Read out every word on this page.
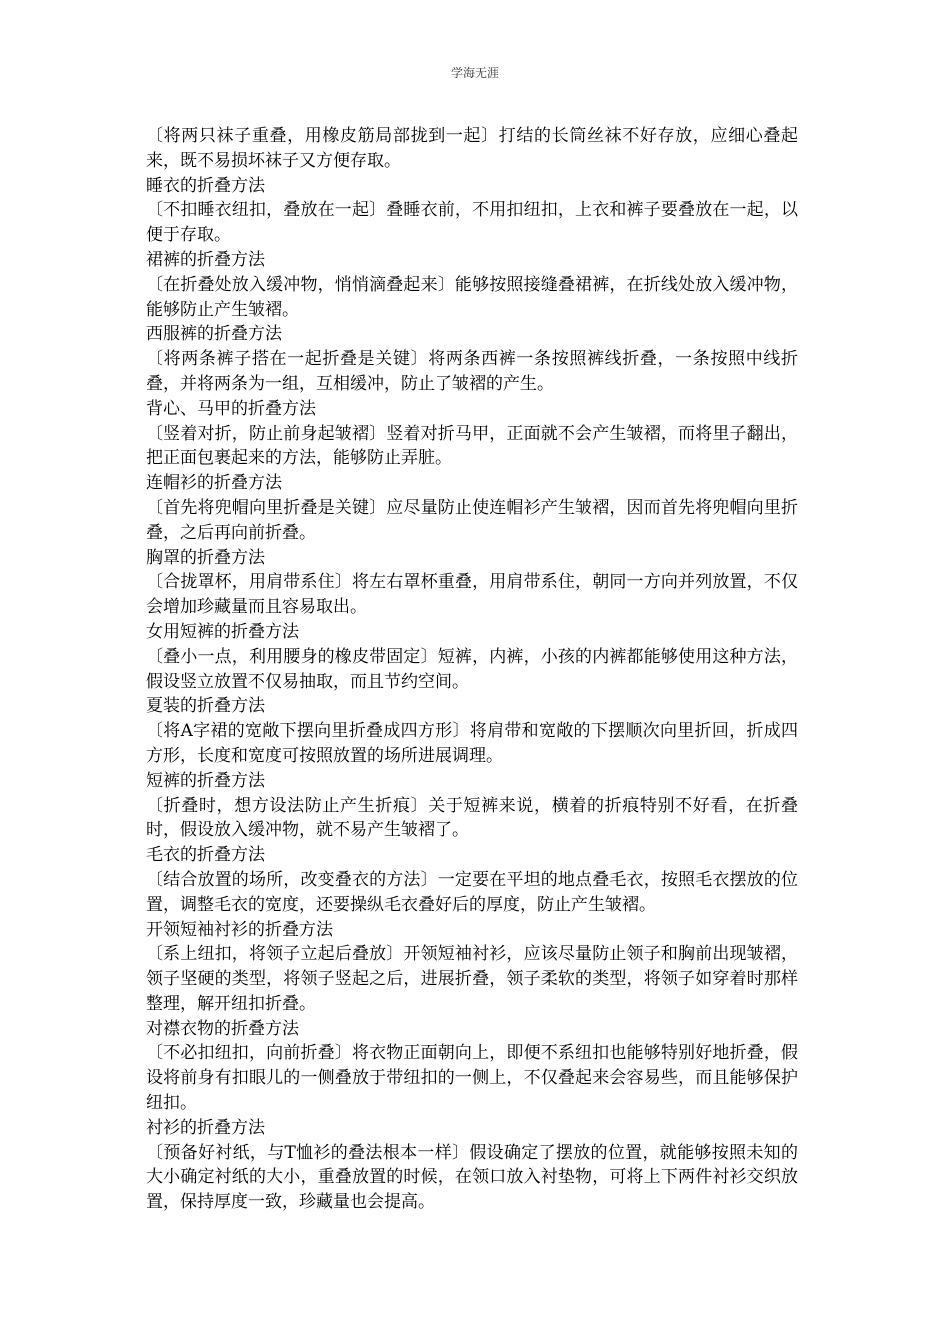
学海无涯

〔将两只袜子重叠，用橡皮筋局部拢到一起〕打结的长筒丝袜不好存放，应细心叠起来，既不易损坏袜子又方便存取。

睡衣的折叠方法

〔不扣睡衣纽扣，叠放在一起〕叠睡衣前，不用扣纽扣，上衣和裤子要叠放在一起，以便于存取。

裙裤的折叠方法

〔在折叠处放入缓冲物，悄悄滴叠起来〕能够按照接缝叠裙裤，在折线处放入缓冲物，能够防止产生皱褶。

西服裤的折叠方法

〔将两条裤子搭在一起折叠是关键〕将两条西裤一条按照裤线折叠，一条按照中线折叠，并将两条为一组，互相缓冲，防止了皱褶的产生。

背心、马甲的折叠方法

〔竖着对折，防止前身起皱褶〕竖着对折马甲，正面就不会产生皱褶，而将里子翻出，把正面包裹起来的方法，能够防止弄脏。

连帽衫的折叠方法

〔首先将兜帽向里折叠是关键〕应尽量防止使连帽衫产生皱褶，因而首先将兜帽向里折叠，之后再向前折叠。

胸罩的折叠方法

〔合拢罩杯，用肩带系住〕将左右罩杯重叠，用肩带系住，朝同一方向并列放置，不仅会增加珍藏量而且容易取出。

女用短裤的折叠方法

〔叠小一点，利用腰身的橡皮带固定〕短裤，内裤，小孩的内裤都能够使用这种方法，假设竖立放置不仅易抽取，而且节约空间。

夏装的折叠方法

〔将A字裙的宽敞下摆向里折叠成四方形〕将肩带和宽敞的下摆顺次向里折回，折成四方形，长度和宽度可按照放置的场所进展调理。

短裤的折叠方法

〔折叠时，想方设法防止产生折痕〕关于短裤来说，横着的折痕特别不好看，在折叠时，假设放入缓冲物，就不易产生皱褶了。

毛衣的折叠方法

〔结合放置的场所，改变叠衣的方法〕一定要在平坦的地点叠毛衣，按照毛衣摆放的位置，调整毛衣的宽度，还要操纵毛衣叠好后的厚度，防止产生皱褶。

开领短袖衬衫的折叠方法

〔系上纽扣，将领子立起后叠放〕开领短袖衬衫，应该尽量防止领子和胸前出现皱褶，领子坚硬的类型，将领子竖起之后，进展折叠，领子柔软的类型，将领子如穿着时那样整理，解开纽扣折叠。

对襟衣物的折叠方法

〔不必扣纽扣，向前折叠〕将衣物正面朝向上，即便不系纽扣也能够特别好地折叠，假设将前身有扣眼儿的一侧叠放于带纽扣的一侧上，不仅叠起来会容易些，而且能够保护纽扣。

衬衫的折叠方法

〔预备好衬纸，与T恤衫的叠法根本一样〕假设确定了摆放的位置，就能够按照未知的大小确定衬纸的大小，重叠放置的时候，在领口放入衬垫物，可将上下两件衬衫交织放置，保持厚度一致，珍藏量也会提高。
